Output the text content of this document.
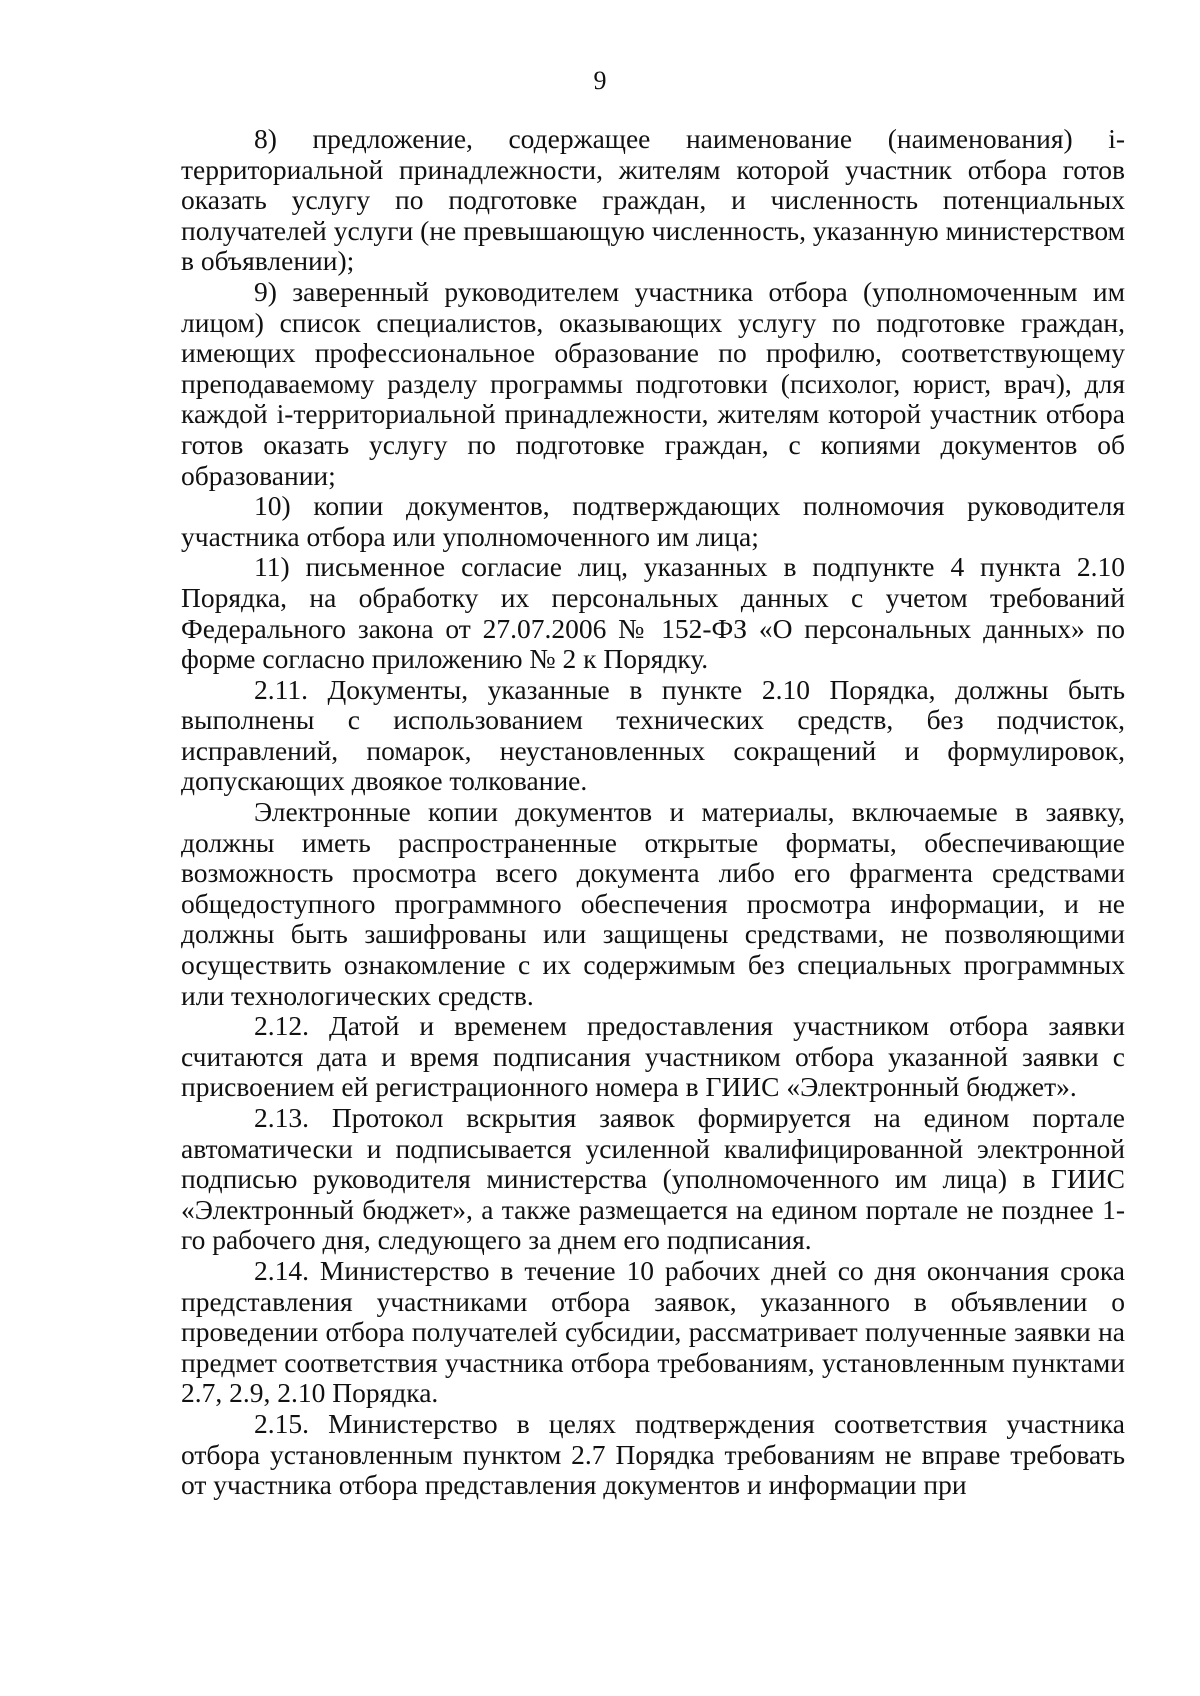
9

8) предложение, содержащее наименование (наименования) i-территориальной принадлежности, жителям которой участник отбора готов оказать услугу по подготовке граждан, и численность потенциальных получателей услуги (не превышающую численность, указанную министерством в объявлении);

9) заверенный руководителем участника отбора (уполномоченным им лицом) список специалистов, оказывающих услугу по подготовке граждан, имеющих профессиональное образование по профилю, соответствующему преподаваемому разделу программы подготовки (психолог, юрист, врач), для каждой i-территориальной принадлежности, жителям которой участник отбора готов оказать услугу по подготовке граждан, с копиями документов об образовании;

10) копии документов, подтверждающих полномочия руководителя участника отбора или уполномоченного им лица;

11) письменное согласие лиц, указанных в подпункте 4 пункта 2.10 Порядка, на обработку их персональных данных с учетом требований Федерального закона от 27.07.2006 № 152-ФЗ «О персональных данных» по форме согласно приложению № 2 к Порядку.

2.11. Документы, указанные в пункте 2.10 Порядка, должны быть выполнены с использованием технических средств, без подчисток, исправлений, помарок, неустановленных сокращений и формулировок, допускающих двоякое толкование.

Электронные копии документов и материалы, включаемые в заявку, должны иметь распространенные открытые форматы, обеспечивающие возможность просмотра всего документа либо его фрагмента средствами общедоступного программного обеспечения просмотра информации, и не должны быть зашифрованы или защищены средствами, не позволяющими осуществить ознакомление с их содержимым без специальных программных или технологических средств.

2.12. Датой и временем предоставления участником отбора заявки считаются дата и время подписания участником отбора указанной заявки с присвоением ей регистрационного номера в ГИИС «Электронный бюджет».

2.13. Протокол вскрытия заявок формируется на едином портале автоматически и подписывается усиленной квалифицированной электронной подписью руководителя министерства (уполномоченного им лица) в ГИИС «Электронный бюджет», а также размещается на едином портале не позднее 1-го рабочего дня, следующего за днем его подписания.

2.14. Министерство в течение 10 рабочих дней со дня окончания срока представления участниками отбора заявок, указанного в объявлении о проведении отбора получателей субсидии, рассматривает полученные заявки на предмет соответствия участника отбора требованиям, установленным пунктами 2.7, 2.9, 2.10 Порядка.

2.15. Министерство в целях подтверждения соответствия участника отбора установленным пунктом 2.7 Порядка требованиям не вправе требовать от участника отбора представления документов и информации при
